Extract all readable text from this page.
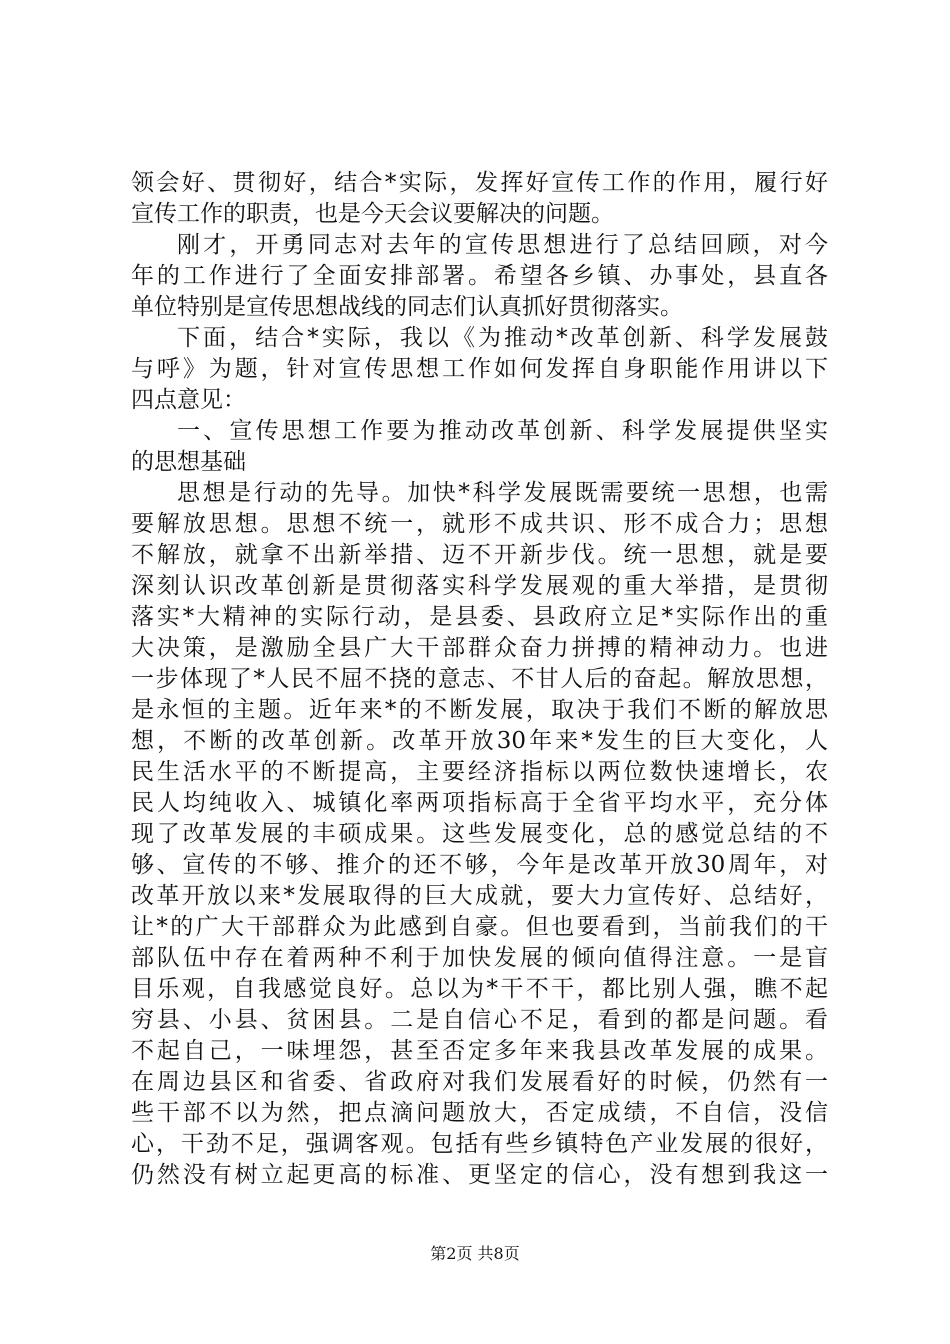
领会好、贯彻好，结合*实际，发挥好宣传工作的作用，履行好
宣传工作的职责，也是今天会议要解决的问题。
刚才，开勇同志对去年的宣传思想进行了总结回顾，对今
年的工作进行了全面安排部署。希望各乡镇、办事处，县直各
单位特别是宣传思想战线的同志们认真抓好贯彻落实。
下面，结合*实际，我以《为推动*改革创新、科学发展鼓
与呼》为题，针对宣传思想工作如何发挥自身职能作用讲以下
四点意见：
一、宣传思想工作要为推动改革创新、科学发展提供坚实
的思想基础
思想是行动的先导。加快*科学发展既需要统一思想，也需
要解放思想。思想不统一，就形不成共识、形不成合力；思想
不解放，就拿不出新举措、迈不开新步伐。统一思想，就是要
深刻认识改革创新是贯彻落实科学发展观的重大举措，是贯彻
落实*大精神的实际行动，是县委、县政府立足*实际作出的重
大决策，是激励全县广大干部群众奋力拼搏的精神动力。也进
一步体现了*人民不屈不挠的意志、不甘人后的奋起。解放思想，
是永恒的主题。近年来*的不断发展，取决于我们不断的解放思
想，不断的改革创新。改革开放30年来*发生的巨大变化，人
民生活水平的不断提高，主要经济指标以两位数快速增长，农
民人均纯收入、城镇化率两项指标高于全省平均水平，充分体
现了改革发展的丰硕成果。这些发展变化，总的感觉总结的不
够、宣传的不够、推介的还不够，今年是改革开放30周年，对
改革开放以来*发展取得的巨大成就，要大力宣传好、总结好，
让*的广大干部群众为此感到自豪。但也要看到，当前我们的干
部队伍中存在着两种不利于加快发展的倾向值得注意。一是盲
目乐观，自我感觉良好。总以为*干不干，都比别人强，瞧不起
穷县、小县、贫困县。二是自信心不足，看到的都是问题。看
不起自己，一味埋怨，甚至否定多年来我县改革发展的成果。
在周边县区和省委、省政府对我们发展看好的时候，仍然有一
些干部不以为然，把点滴问题放大，否定成绩，不自信，没信
心，干劲不足，强调客观。包括有些乡镇特色产业发展的很好，
仍然没有树立起更高的标准、更坚定的信心，没有想到我这一
第2页 共8页
